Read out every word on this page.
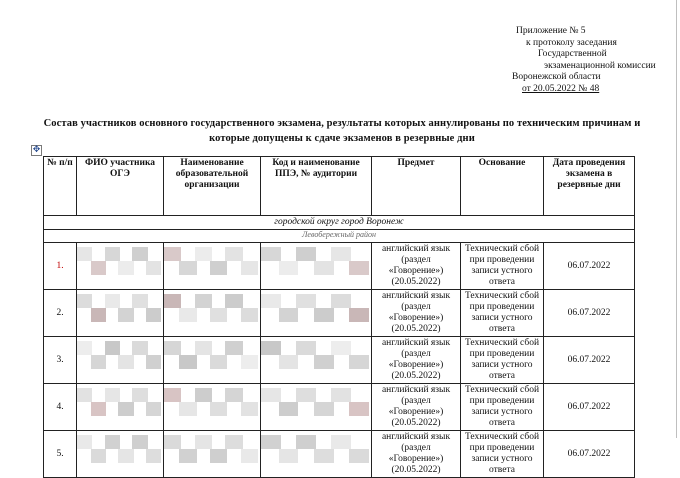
Приложение № 5
к протоколу заседания
Государственной
экзаменационной комиссии
Воронежской области
от 20.05.2022 № 48
Состав участников основного государственного экзамена, результаты которых аннулированы по техническим причинам и которые допущены к сдаче экзаменов в резервные дни
✥
№ п/п	ФИО участника ОГЭ	Наименование образовательной организации	Код и наименование ППЭ, № аудитории	Предмет	Основание	Дата проведения экзамена в резервные дни
городской округ город Воронеж						
Левобережный район						
1.				английский язык (раздел «Говорение») (20.05.2022)	Технический сбой при проведении записи устного ответа	06.07.2022
2.				английский язык (раздел «Говорение») (20.05.2022)	Технический сбой при проведении записи устного ответа	06.07.2022
3.				английский язык (раздел «Говорение») (20.05.2022)	Технический сбой при проведении записи устного ответа	06.07.2022
4.				английский язык (раздел «Говорение») (20.05.2022)	Технический сбой при проведении записи устного ответа	06.07.2022
5.				английский язык (раздел «Говорение») (20.05.2022)	Технический сбой при проведении записи устного ответа	06.07.2022
